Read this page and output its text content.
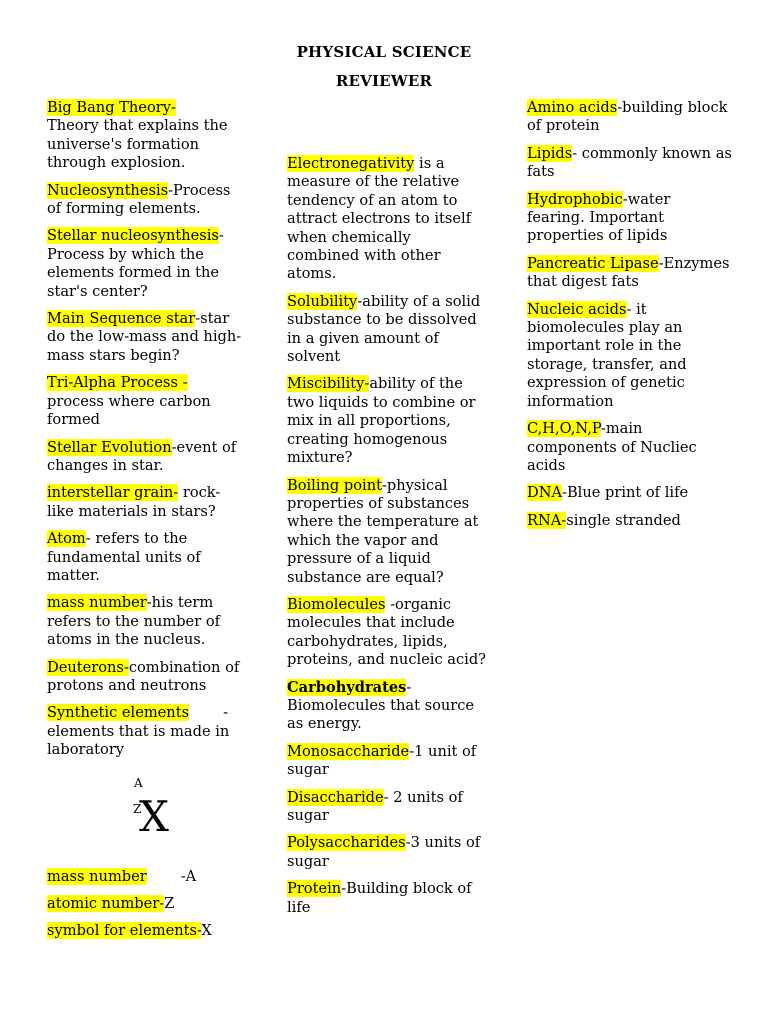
PHYSICAL SCIENCE
REVIEWER
Big Bang Theory-
Theory that explains the universe's formation through explosion.
Nucleosynthesis-Process of forming elements.
Stellar nucleosynthesis-Process by which the elements formed in the star's center?
Main Sequence star-star do the low-mass and high-mass stars begin?
Tri-Alpha Process -
process where carbon formed
Stellar Evolution-event of changes in star.
interstellar grain- rock-like materials in stars?
Atom- refers to the fundamental units of matter.
mass number-his term refers to the number of atoms in the nucleus.
Deuterons-combination of protons and neutrons
Synthetic elements -elements that is made in laboratory
A
Z
X
mass number -A
atomic number-Z
symbol for elements-X
Electronegativity is a measure of the relative tendency of an atom to attract electrons to itself when chemically combined with other atoms.
Solubility-ability of a solid substance to be dissolved in a given amount of solvent
Miscibility-ability of the two liquids to combine or mix in all proportions, creating homogenous mixture?
Boiling point-physical properties of substances where the temperature at which the vapor and pressure of a liquid substance are equal?
Biomolecules -organic molecules that include carbohydrates, lipids, proteins, and nucleic acid?
Carbohydrates-Biomolecules that source as energy.
Monosaccharide-1 unit of sugar
Disaccharide- 2 units of sugar
Polysaccharides-3 units of sugar
Protein-Building block of life
Amino acids-building block of protein
Lipids- commonly known as fats
Hydrophobic-water fearing. Important properties of lipids
Pancreatic Lipase-Enzymes that digest fats
Nucleic acids- it biomolecules play an important role in the storage, transfer, and expression of genetic information
C,H,O,N,P-main components of Nucliec acids
DNA-Blue print of life
RNA-single stranded
